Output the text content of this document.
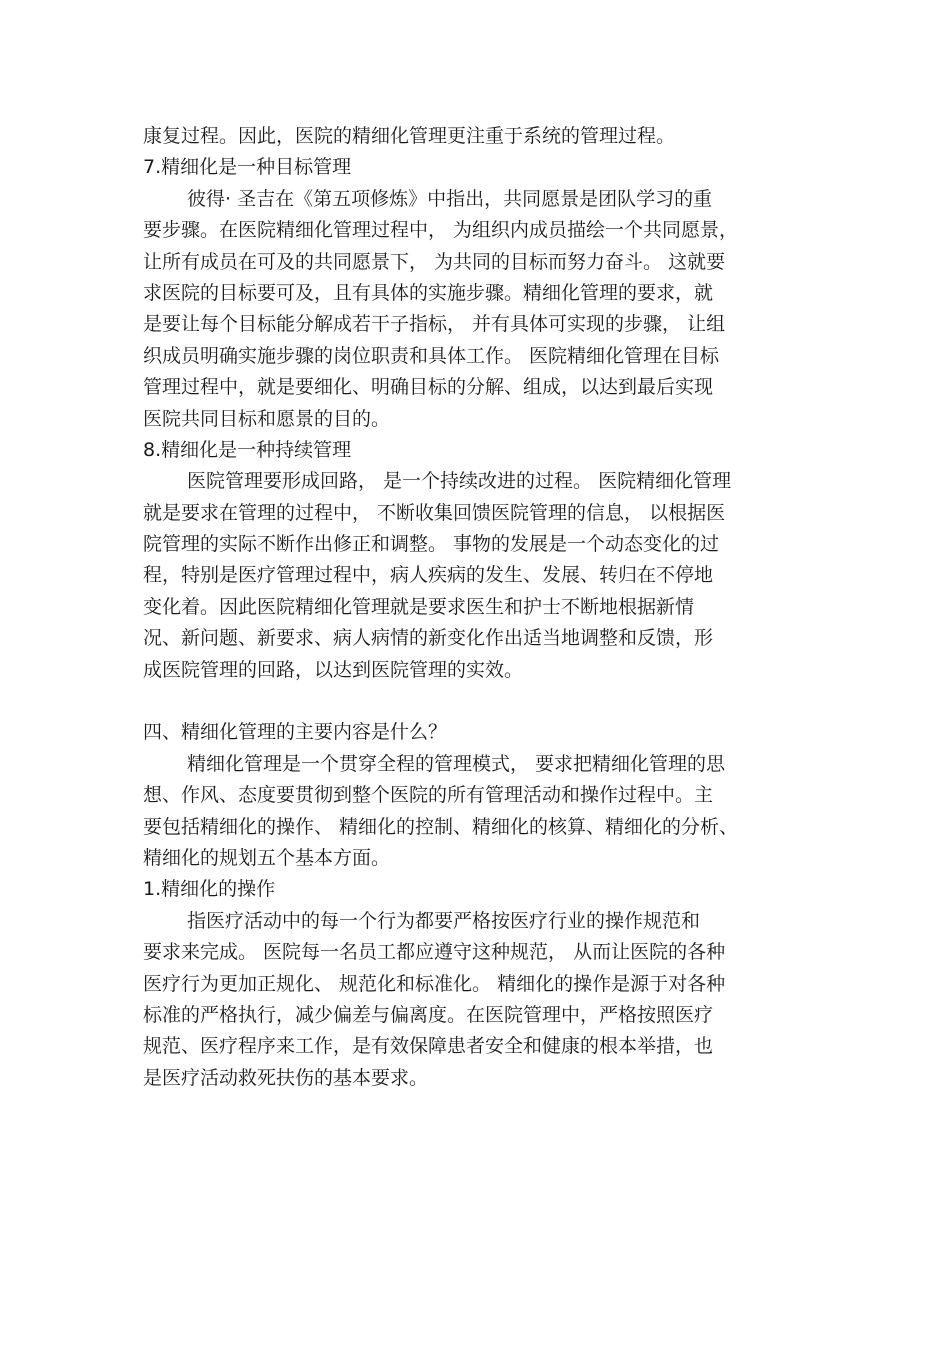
康复过程。因此，医院的精细化管理更注重于系统的管理过程。

7.精细化是一种目标管理

彼得· 圣吉在《第五项修炼》中指出，共同愿景是团队学习的重

要步骤。在医院精细化管理过程中， 为组织内成员描绘一个共同愿景，

让所有成员在可及的共同愿景下， 为共同的目标而努力奋斗。 这就要

求医院的目标要可及，且有具体的实施步骤。精细化管理的要求，就

是要让每个目标能分解成若干子指标， 并有具体可实现的步骤， 让组

织成员明确实施步骤的岗位职责和具体工作。 医院精细化管理在目标

管理过程中，就是要细化、明确目标的分解、组成，以达到最后实现

医院共同目标和愿景的目的。

8.精细化是一种持续管理

医院管理要形成回路， 是一个持续改进的过程。 医院精细化管理

就是要求在管理的过程中， 不断收集回馈医院管理的信息， 以根据医

院管理的实际不断作出修正和调整。 事物的发展是一个动态变化的过

程，特别是医疗管理过程中，病人疾病的发生、发展、转归在不停地

变化着。因此医院精细化管理就是要求医生和护士不断地根据新情

况、新问题、新要求、病人病情的新变化作出适当地调整和反馈，形

成医院管理的回路，以达到医院管理的实效。

四、精细化管理的主要内容是什么？

精细化管理是一个贯穿全程的管理模式， 要求把精细化管理的思

想、作风、态度要贯彻到整个医院的所有管理活动和操作过程中。主

要包括精细化的操作、 精细化的控制、精细化的核算、精细化的分析、

精细化的规划五个基本方面。

1.精细化的操作

指医疗活动中的每一个行为都要严格按医疗行业的操作规范和

要求来完成。 医院每一名员工都应遵守这种规范， 从而让医院的各种

医疗行为更加正规化、 规范化和标准化。 精细化的操作是源于对各种

标准的严格执行，减少偏差与偏离度。在医院管理中，严格按照医疗

规范、医疗程序来工作，是有效保障患者安全和健康的根本举措，也

是医疗活动救死扶伤的基本要求。
